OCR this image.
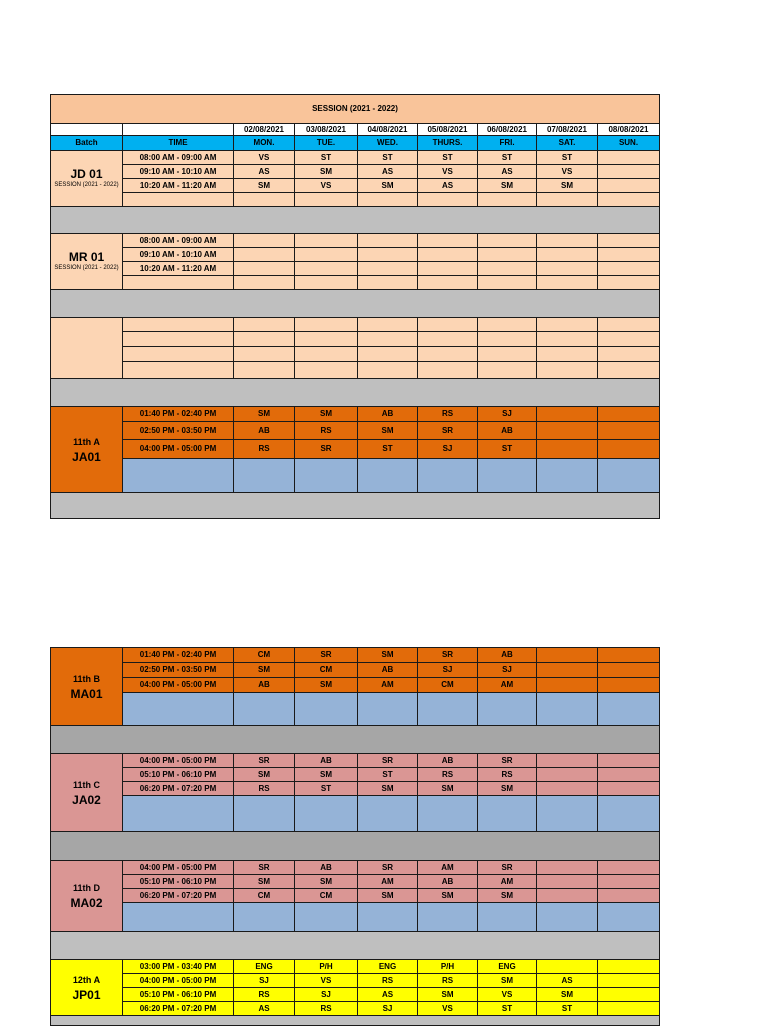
SESSION (2021 - 2022)								
		02/08/2021	03/08/2021	04/08/2021	05/08/2021	06/08/2021	07/08/2021	08/08/2021
Batch	TIME	MON.	TUE.	WED.	THURS.	FRI.	SAT.	SUN.

JD 01
SESSION (2021 - 2022)	08:00 AM - 09:00 AM	VS	ST	ST	ST	ST	ST	
	09:10 AM - 10:10 AM	AS	SM	AS	VS	AS	VS	
	10:20 AM - 11:20 AM	SM	VS	SM	AS	SM	SM	

MR 01
SESSION (2021 - 2022)	08:00 AM - 09:00 AM							
	09:10 AM - 10:10 AM							
	10:20 AM - 11:20 AM							

11th A
JA01	01:40 PM - 02:40 PM	SM	SM	AB	RS	SJ		
	02:50 PM - 03:50 PM	AB	RS	SM	SR	AB		
	04:00 PM - 05:00 PM	RS	SR	ST	SJ	ST		

11th B
MA01	01:40 PM - 02:40 PM	CM	SR	SM	SR	AB		
	02:50 PM - 03:50 PM	SM	CM	AB	SJ	SJ		
	04:00 PM - 05:00 PM	AB	SM	AM	CM	AM		

11th C
JA02	04:00 PM - 05:00 PM	SR	AB	SR	AB	SR		
	05:10 PM - 06:10 PM	SM	SM	ST	RS	RS		
	06:20 PM - 07:20 PM	RS	ST	SM	SM	SM		

11th D
MA02	04:00 PM - 05:00 PM	SR	AB	SR	AM	SR		
	05:10 PM - 06:10 PM	SM	SM	AM	AB	AM		
	06:20 PM - 07:20 PM	CM	CM	SM	SM	SM		

12th A
JP01	03:00 PM - 03:40 PM	ENG	P/H	ENG	P/H	ENG		
	04:00 PM - 05:00 PM	SJ	VS	RS	RS	SM	AS	
	05:10 PM - 06:10 PM	RS	SJ	AS	SM	VS	SM	
	06:20 PM - 07:20 PM	AS	RS	SJ	VS	ST	ST	
